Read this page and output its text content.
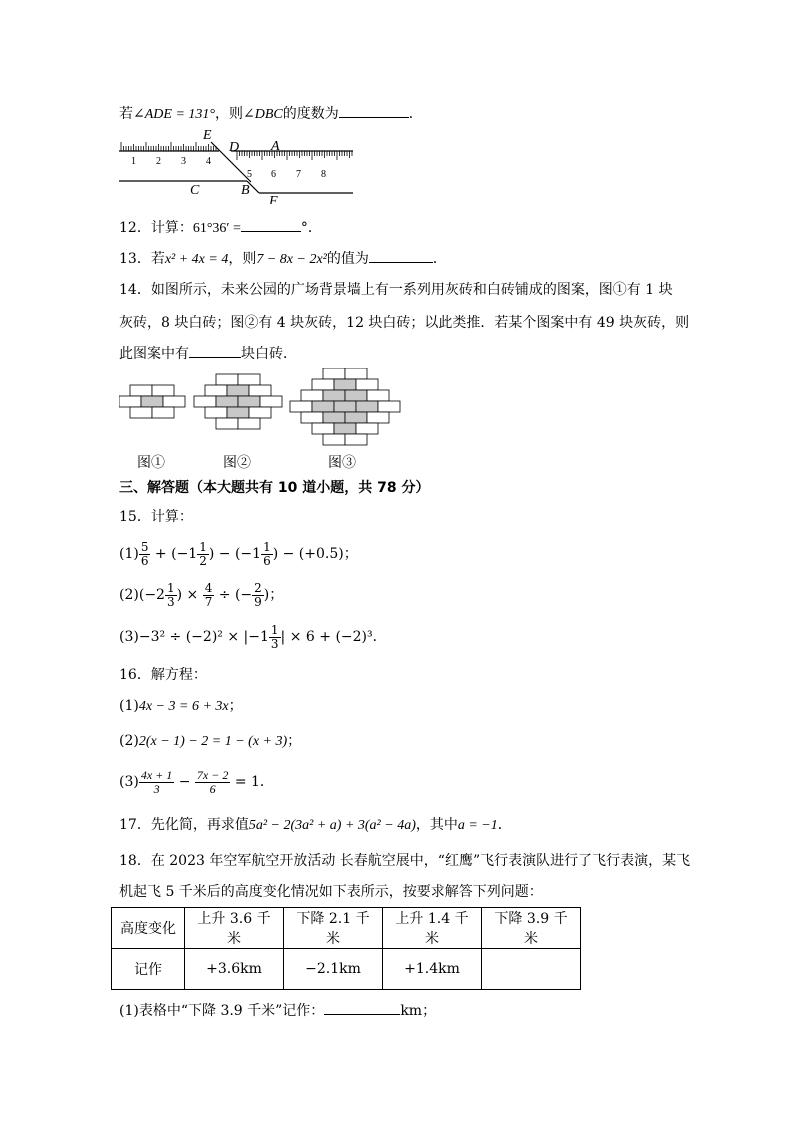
若∠ADE = 131°，则∠DBC的度数为	．
1 2 3 4
5 6 7 8
E
D A
C	B
F
12．计算：61°36′ =	°．
13．若x² + 4x = 4，则7 − 8x − 2x²的值为	．
14．如图所示，未来公园的广场背景墙上有一系列用灰砖和白砖铺成的图案，图①有 1 块
灰砖，8 块白砖；图②有 4 块灰砖，12 块白砖；以此类推．若某个图案中有 49 块灰砖，则
此图案中有	块白砖．
图①	图②	图③
三、解答题（本大题共有 10 道小题，共 78 分）
15．计算：
$(1) \frac{5}{6} + (-1 \frac{1}{2}$ ) − ($-1 \frac{1}{6}$ ) − (+0.5)；
$(2)(-2 \frac{1}{3}$ ) × $\frac{4}{7}$ ÷ (− $\frac{2}{9}$ )；
$(3)-3^2 \div (-2)^2 \times |-1 \frac{1}{3}$ | × 6 + (−2)³．
16．解方程：
(1)4x − 3 = 6 + 3x；
(2)2(x − 1) − 2 = 1 − (x + 3)；
$(3) \frac{4x + 1}{3} - \frac{7x - 2}{6} = 1$．
17．先化简，再求值5a² − 2(3a² + a) + 3(a² − 4a)，其中a = −1．
18．在 2023 年空军航空开放活动 长春航空展中，“红鹰”飞行表演队进行了飞行表演，某飞
机起飞 5 千米后的高度变化情况如下表所示，按要求解答下列问题：
高度变化	上升 3.6 千米	下降 2.1 千米	上升 1.4 千米	下降 3.9 千米
记作	+3.6km	−2.1km	+1.4km	
(1)表格中“下降 3.9 千米”记作：	km；
